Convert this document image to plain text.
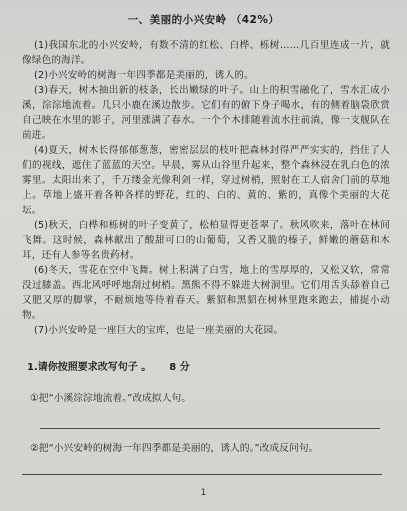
一、美丽的小兴安岭 （42%）

(1)我国东北的小兴安岭，有数不清的红松、白桦、栎树……几百里连成一片，就像绿色的海洋。

(2)小兴安岭的树海一年四季都是美丽的，诱人的。

(3)春天，树木抽出新的枝条，长出嫩绿的叶子。山上的积雪融化了，雪水汇成小溪，淙淙地流着。几只小鹿在溪边散步。它们有的俯下身子喝水，有的侧着脑袋欣赏自己映在水里的影子，河里涨满了春水。一个个木排随着流水往前淌，像一支舰队在前进。

(4)夏天，树木长得郁郁葱葱，密密层层的枝叶把森林封得严严实实的，挡住了人们的视线，遮住了蓝蓝的天空。早晨，雾从山谷里升起来，整个森林浸在乳白色的浓雾里。太阳出来了，千万缕金光像利剑一样，穿过树梢，照射在工人宿舍门前的草地上。草地上盛开着各种各样的野花，红的、白的、黄的、紫的，真像个美丽的大花坛。

(5)秋天，白桦和栎树的叶子变黄了，松柏显得更苍翠了。秋风吹来，落叶在林间飞舞。这时候，森林献出了酸甜可口的山葡萄，又香又脆的榛子，鲜嫩的蘑菇和木耳，还有人参等名贵药材。

(6)冬天，雪花在空中飞舞。树上积满了白雪，地上的雪厚厚的，又松又软，常常没过膝盖。西北风呼呼地刮过树梢。黑熊不得不躲进大树洞里。它们用舌头舔着自己又肥又厚的脚掌，不耐烦地等待着春天。紫貂和黑貂在树林里跑来跑去，捕捉小动物。

(7)小兴安岭是一座巨大的宝库，也是一座美丽的大花园。

1.请你按照要求改写句子 。 8 分
①把“小溪淙淙地流着。”改成拟人句。
②把“小兴安岭的树海一年四季都是美丽的，诱人的。”改成反问句。
1
